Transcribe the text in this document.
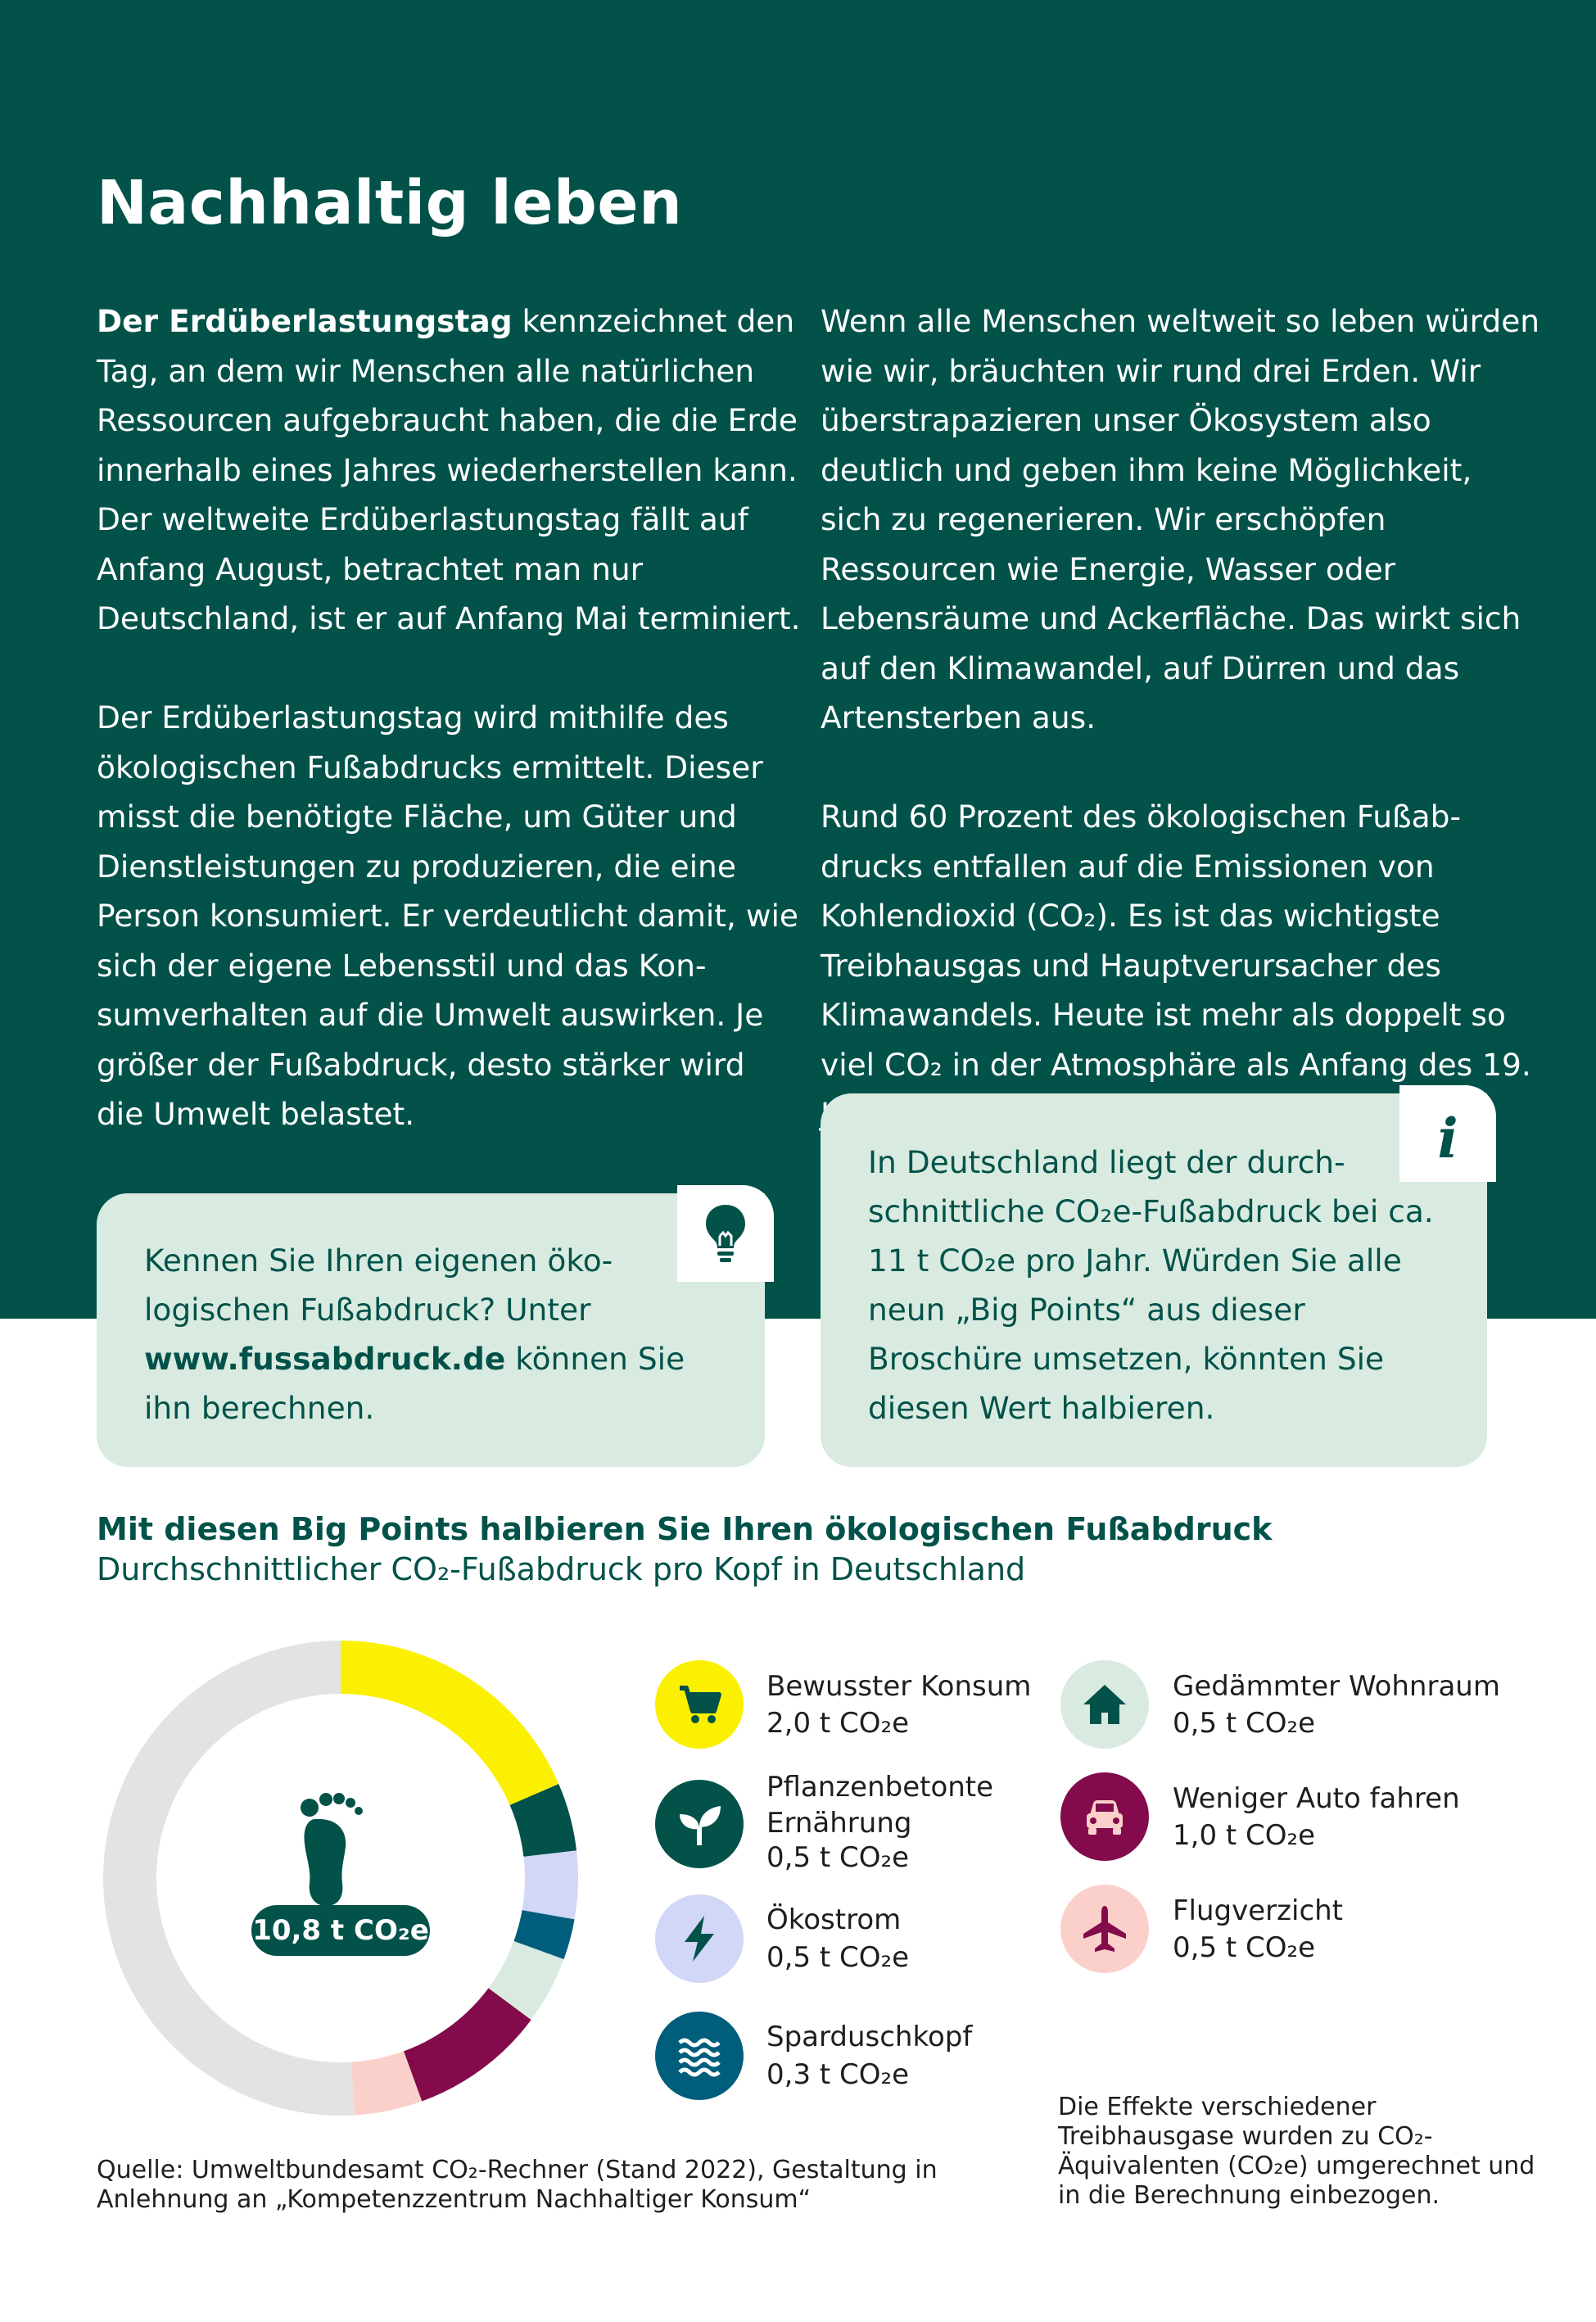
Nachhaltig leben

Der Erdüberlastungstag kennzeichnet den Tag, an dem wir Menschen alle natürlichen Ressourcen aufgebraucht haben, die die Erde innerhalb eines Jahres wiederherstellen kann. Der weltweite Erdüberlastungstag fällt auf Anfang August, betrachtet man nur Deutschland, ist er auf Anfang Mai terminiert.

Der Erdüberlastungstag wird mithilfe des ökologischen Fußabdrucks ermittelt. Dieser misst die benötigte Fläche, um Güter und Dienstleistungen zu produzieren, die eine Person konsumiert. Er verdeutlicht damit, wie sich der eigene Lebensstil und das Konsumverhalten auf die Umwelt auswirken. Je größer der Fußabdruck, desto stärker wird die Umwelt belastet.

Wenn alle Menschen weltweit so leben würden wie wir, bräuchten wir rund drei Erden. Wir überstrapazieren unser Ökosystem also deutlich und geben ihm keine Möglichkeit, sich zu regenerieren. Wir erschöpfen Ressourcen wie Energie, Wasser oder Lebensräume und Ackerfläche. Das wirkt sich auf den Klimawandel, auf Dürren und das Artensterben aus.

Rund 60 Prozent des ökologischen Fußabdrucks entfallen auf die Emissionen von Kohlendioxid (CO₂). Es ist das wichtigste Treibhausgas und Hauptverursacher des Klimawandels. Heute ist mehr als doppelt so viel CO₂ in der Atmosphäre als Anfang des 19.

Kennen Sie Ihren eigenen ökologischen Fußabdruck? Unter www.fussabdruck.de können Sie ihn berechnen.
In Deutschland liegt der durchschnittliche CO₂e-Fußabdruck bei ca. 11 t CO₂e pro Jahr. Würden Sie alle neun „Big Points“ aus dieser Broschüre umsetzen, könnten Sie diesen Wert halbieren.
i
Mit diesen Big Points halbieren Sie Ihren ökologischen Fußabdruck
Durchschnittlicher CO₂-Fußabdruck pro Kopf in Deutschland
10,8 t CO₂e
Bewusster Konsum
2,0 t CO₂e
Pflanzenbetonte Ernährung
0,5 t CO₂e
Ökostrom
0,5 t CO₂e
Sparduschkopf
0,3 t CO₂e
Gedämmter Wohnraum
0,5 t CO₂e
Weniger Auto fahren
1,0 t CO₂e
Flugverzicht
0,5 t CO₂e
Die Effekte verschiedener Treibhausgase wurden zu CO₂-Äquivalenten (CO₂e) umgerechnet und in die Berechnung einbezogen.
Quelle: Umweltbundesamt CO₂-Rechner (Stand 2022), Gestaltung in Anlehnung an „Kompetenzzentrum Nachhaltiger Konsum“
